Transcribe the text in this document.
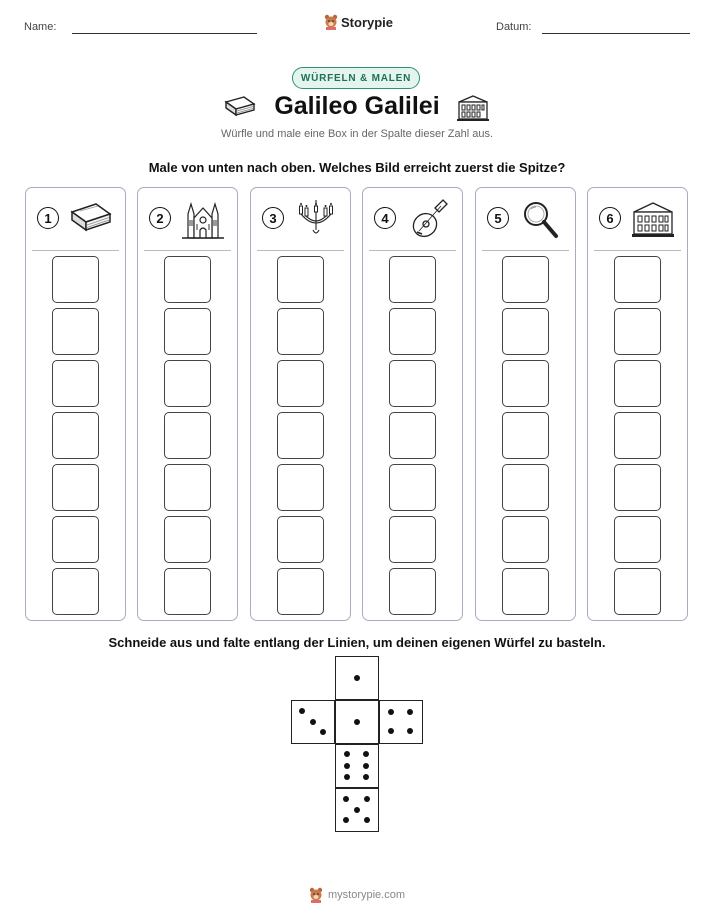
Name:	Storypie	Datum:
WÜRFELN & MALEN
Galileo Galilei
Würfle und male eine Box in der Spalte dieser Zahl aus.
Male von unten nach oben. Welches Bild erreicht zuerst die Spitze?
1	2	3	4	5	6
Schneide aus und falte entlang der Linien, um deinen eigenen Würfel zu basteln.
mystorypie.com
